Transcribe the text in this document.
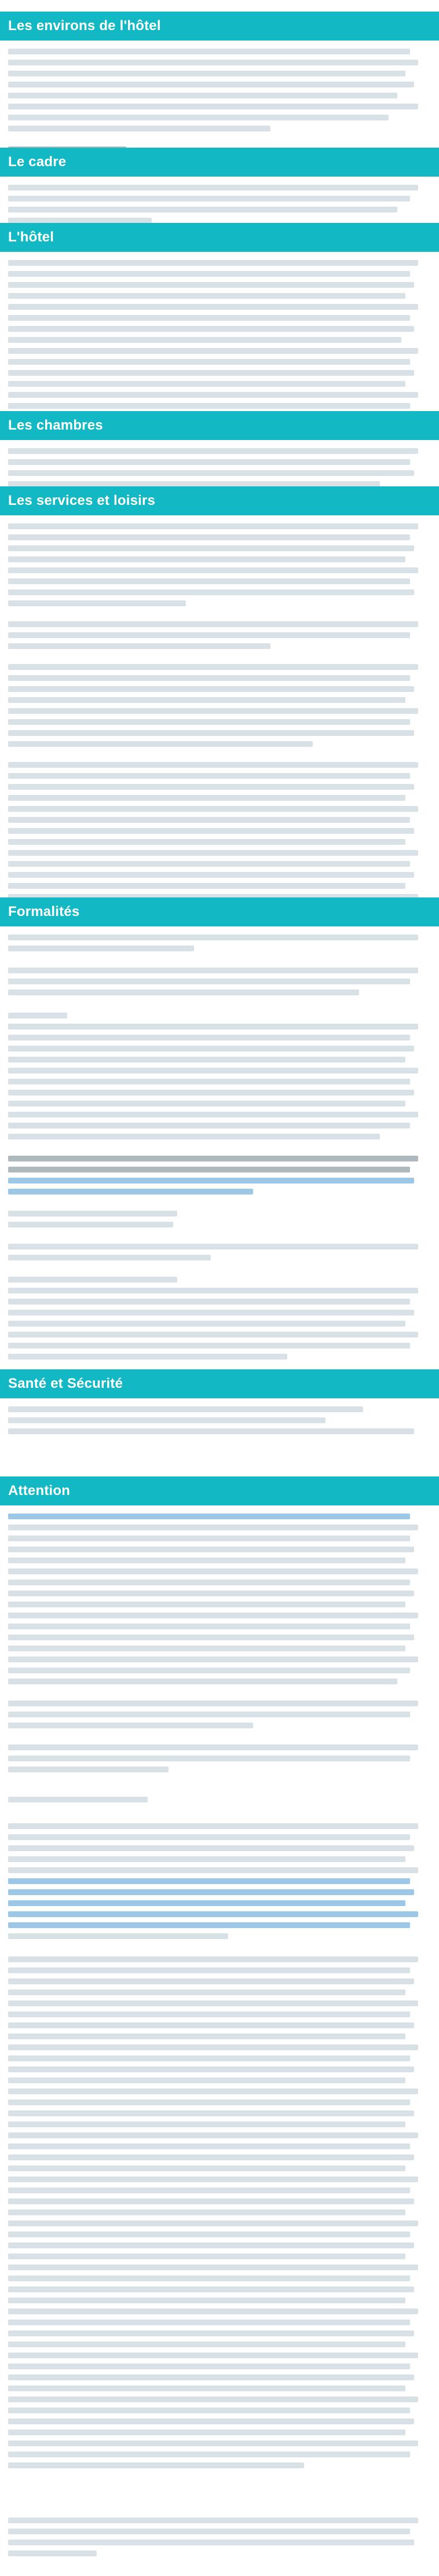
Les environs de l'hôtel
Le cadre
L'hôtel
Les chambres
Les services et loisirs
Formalités
Santé et Sécurité
Attention
